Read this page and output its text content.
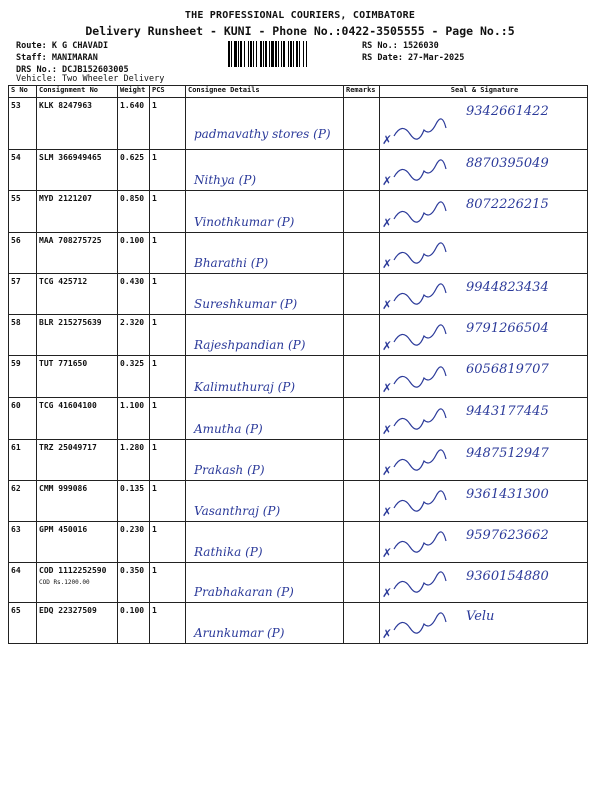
THE PROFESSIONAL COURIERS, COIMBATORE
Delivery Runsheet - KUNI - Phone No.:0422-3505555 - Page No.:5
Route: K G CHAVADI
Staff: MANIMARAN
DRS No.: DCJB152603005
Vehicle: Two Wheeler Delivery
RS No.: 1526030
RS Date: 27-Mar-2025
S No	Consignment No	Weight	PCS	Consignee Details	Remarks	Seal & Signature
53	KLK 8247963	1.640	1	padmavathy stores (P)		✗
9342661422

54	SLM 366949465	0.625	1	Nithya (P)		✗
8870395049

55	MYD 2121207	0.850	1	Vinothkumar (P)		✗
8072226215

56	MAA 708275725	0.100	1	Bharathi (P)		✗

57	TCG 425712	0.430	1	Sureshkumar (P)		✗
9944823434

58	BLR 215275639	2.320	1	Rajeshpandian (P)		✗
9791266504

59	TUT 771650	0.325	1	Kalimuthuraj (P)		✗
6056819707

60	TCG 41604100	1.100	1	Amutha (P)		✗
9443177445

61	TRZ 25049717	1.280	1	Prakash (P)		✗
9487512947

62	CMM 999086	0.135	1	Vasanthraj (P)		✗
9361431300

63	GPM 450016	0.230	1	Rathika (P)		✗
9597623662

64	COD 1112252590
COD Rs.1200.00	0.350	1	Prabhakaran (P)		✗
9360154880

65	EDQ 22327509	0.100	1	Arunkumar (P)		✗
Velu
